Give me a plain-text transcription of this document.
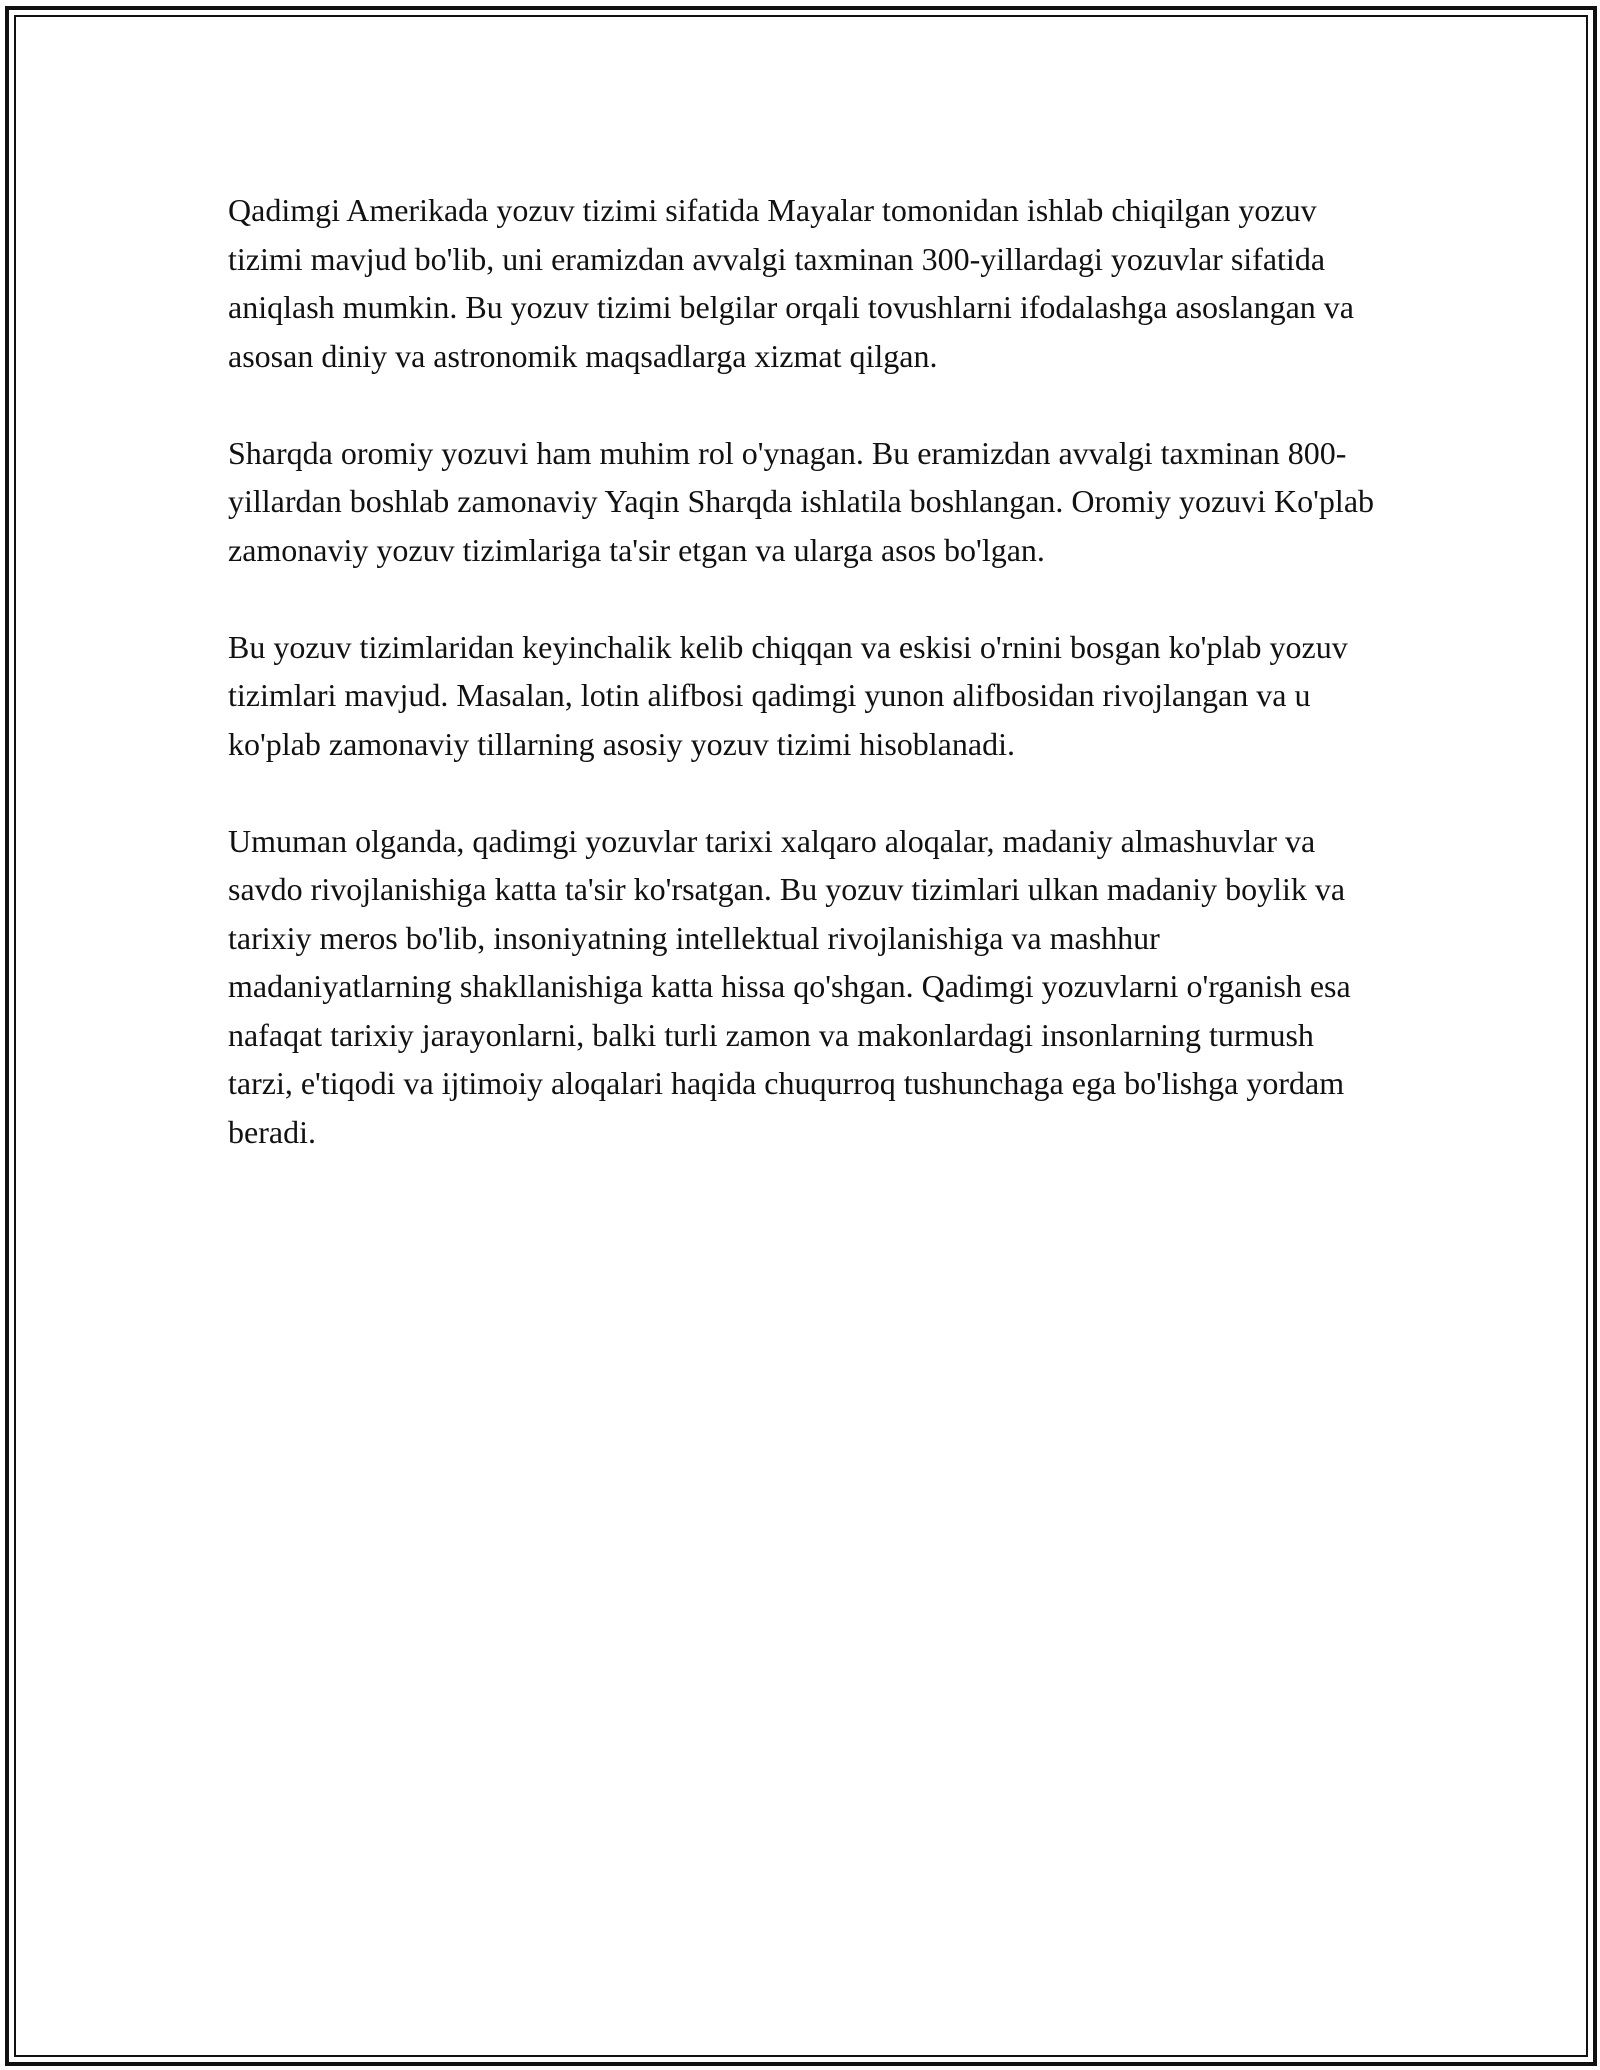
Qadimgi Amerikada yozuv tizimi sifatida Mayalar tomonidan ishlab chiqilgan yozuv tizimi mavjud bo'lib, uni eramizdan avvalgi taxminan 300-yillardagi yozuvlar sifatida aniqlash mumkin. Bu yozuv tizimi belgilar orqali tovushlarni ifodalashga asoslangan va asosan diniy va astronomik maqsadlarga xizmat qilgan.

Sharqda oromiy yozuvi ham muhim rol o'ynagan. Bu eramizdan avvalgi taxminan 800-yillardan boshlab zamonaviy Yaqin Sharqda ishlatila boshlangan. Oromiy yozuvi Ko'plab zamonaviy yozuv tizimlariga ta'sir etgan va ularga asos bo'lgan.

Bu yozuv tizimlaridan keyinchalik kelib chiqqan va eskisi o'rnini bosgan ko'plab yozuv tizimlari mavjud. Masalan, lotin alifbosi qadimgi yunon alifbosidan rivojlangan va u ko'plab zamonaviy tillarning asosiy yozuv tizimi hisoblanadi.

Umuman olganda, qadimgi yozuvlar tarixi xalqaro aloqalar, madaniy almashuvlar va savdo rivojlanishiga katta ta'sir ko'rsatgan. Bu yozuv tizimlari ulkan madaniy boylik va tarixiy meros bo'lib, insoniyatning intellektual rivojlanishiga va mashhur madaniyatlarning shakllanishiga katta hissa qo'shgan. Qadimgi yozuvlarni o'rganish esa nafaqat tarixiy jarayonlarni, balki turli zamon va makonlardagi insonlarning turmush tarzi, e'tiqodi va ijtimoiy aloqalari haqida chuqurroq tushunchaga ega bo'lishga yordam beradi.
